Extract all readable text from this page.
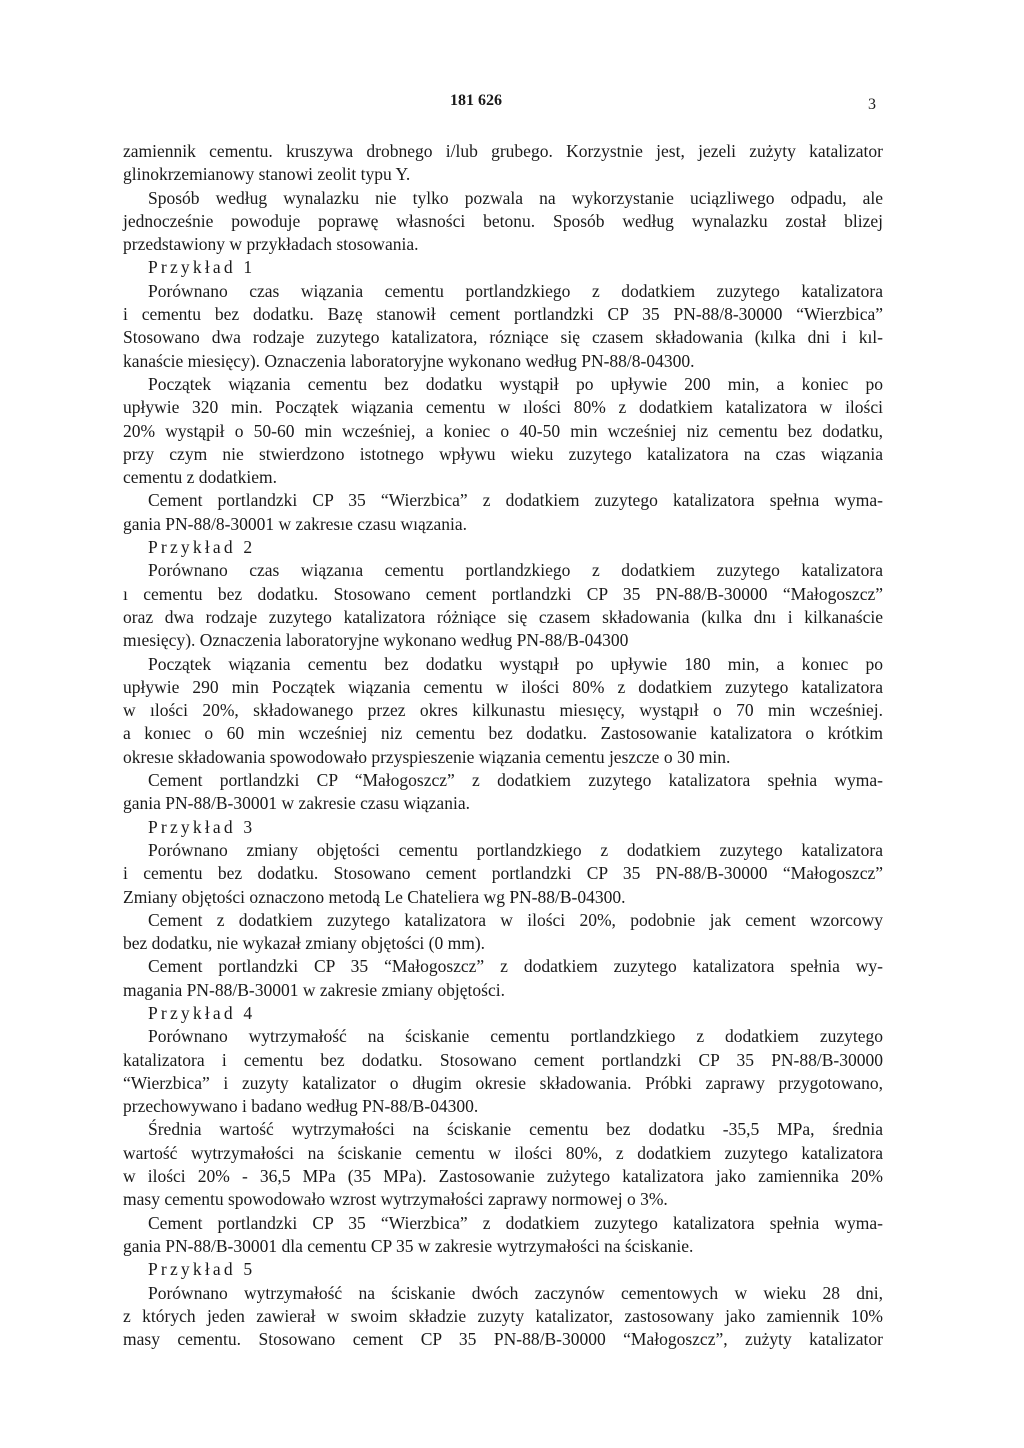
181 626	3
zamiennik cementu. kruszywa drobnego i/lub grubego. Korzystnie jest, jezeli zużyty katalizator
glinokrzemianowy stanowi zeolit typu Y.
Sposób według wynalazku nie tylko pozwala na wykorzystanie uciązliwego odpadu, ale
jednocześnie powoduje poprawę własności betonu. Sposób według wynalazku został blizej
przedstawiony w przykładach stosowania.
Przykład 1
Porównano czas wiązania cementu portlandzkiego z dodatkiem zuzytego katalizatora
i cementu bez dodatku. Bazę stanowił cement portlandzki CP 35 PN-88/8-30000 “Wierzbica”
Stosowano dwa rodzaje zuzytego katalizatora, rózniące się czasem składowania (kılka dni i kıl-
kanaście miesięcy). Oznaczenia laboratoryjne wykonano według PN-88/8-04300.
Początek wiązania cementu bez dodatku wystąpił po upływie 200 min, a koniec po
upływie 320 min. Początek wiązania cementu w ılości 80% z dodatkiem katalizatora w ilości
20% wystąpił o 50-60 min wcześniej, a koniec o 40-50 min wcześniej niz cementu bez dodatku,
przy czym nie stwierdzono istotnego wpływu wieku zuzytego katalizatora na czas wiązania
cementu z dodatkiem.
Cement portlandzki CP 35 “Wierzbica” z dodatkiem zuzytego katalizatora spełnıa wyma-
gania PN-88/8-30001 w zakresıe czasu wıązania.
Przykład 2
Porównano czas wiązanıa cementu portlandzkiego z dodatkiem zuzytego katalizatora
ı cementu bez dodatku. Stosowano cement portlandzki CP 35 PN-88/B-30000 “Małogoszcz”
oraz dwa rodzaje zuzytego katalizatora różniące się czasem składowania (kılka dnı i kilkanaście
mıesięcy). Oznaczenia laboratoryjne wykonano według PN-88/B-04300
Początek wiązania cementu bez dodatku wystąpıł po upływie 180 min, a konıec po
upływie 290 min Początek wiązania cementu w ilości 80% z dodatkiem zuzytego katalizatora
w ılości 20%, składowanego przez okres kilkunastu miesıęcy, wystąpıł o 70 min wcześniej.
a konıec o 60 min wcześniej niz cementu bez dodatku. Zastosowanie katalizatora o krótkim
okresıe składowania spowodowało przyspieszenie wiązania cementu jeszcze o 30 min.
Cement portlandzki CP “Małogoszcz” z dodatkiem zuzytego katalizatora spełnia wyma-
gania PN-88/B-30001 w zakresie czasu wiązania.
Przykład 3
Porównano zmiany objętości cementu portlandzkiego z dodatkiem zuzytego katalizatora
i cementu bez dodatku. Stosowano cement portlandzki CP 35 PN-88/B-30000 “Małogoszcz”
Zmiany objętości oznaczono metodą Le Chateliera wg PN-88/B-04300.
Cement z dodatkiem zuzytego katalizatora w ilości 20%, podobnie jak cement wzorcowy
bez dodatku, nie wykazał zmiany objętości (0 mm).
Cement portlandzki CP 35 “Małogoszcz” z dodatkiem zuzytego katalizatora spełnia wy-
magania PN-88/B-30001 w zakresie zmiany objętości.
Przykład 4
Porównano wytrzymałość na ściskanie cementu portlandzkiego z dodatkiem zuzytego
katalizatora i cementu bez dodatku. Stosowano cement portlandzki CP 35 PN-88/B-30000
“Wierzbica” i zuzyty katalizator o długim okresie składowania. Próbki zaprawy przygotowano,
przechowywano i badano według PN-88/B-04300.
Średnia wartość wytrzymałości na ściskanie cementu bez dodatku -35,5 MPa, średnia
wartość wytrzymałości na ściskanie cementu w ilości 80%, z dodatkiem zuzytego katalizatora
w ilości 20% - 36,5 MPa (35 MPa). Zastosowanie zużytego katalizatora jako zamiennika 20%
masy cementu spowodowało wzrost wytrzymałości zaprawy normowej o 3%.
Cement portlandzki CP 35 “Wierzbica” z dodatkiem zuzytego katalizatora spełnia wyma-
gania PN-88/B-30001 dla cementu CP 35 w zakresie wytrzymałości na ściskanie.
Przykład 5
Porównano wytrzymałość na ściskanie dwóch zaczynów cementowych w wieku 28 dni,
z których jeden zawierał w swoim składzie zuzyty katalizator, zastosowany jako zamiennik 10%
masy cementu. Stosowano cement CP 35 PN-88/B-30000 “Małogoszcz”, zużyty katalizator
